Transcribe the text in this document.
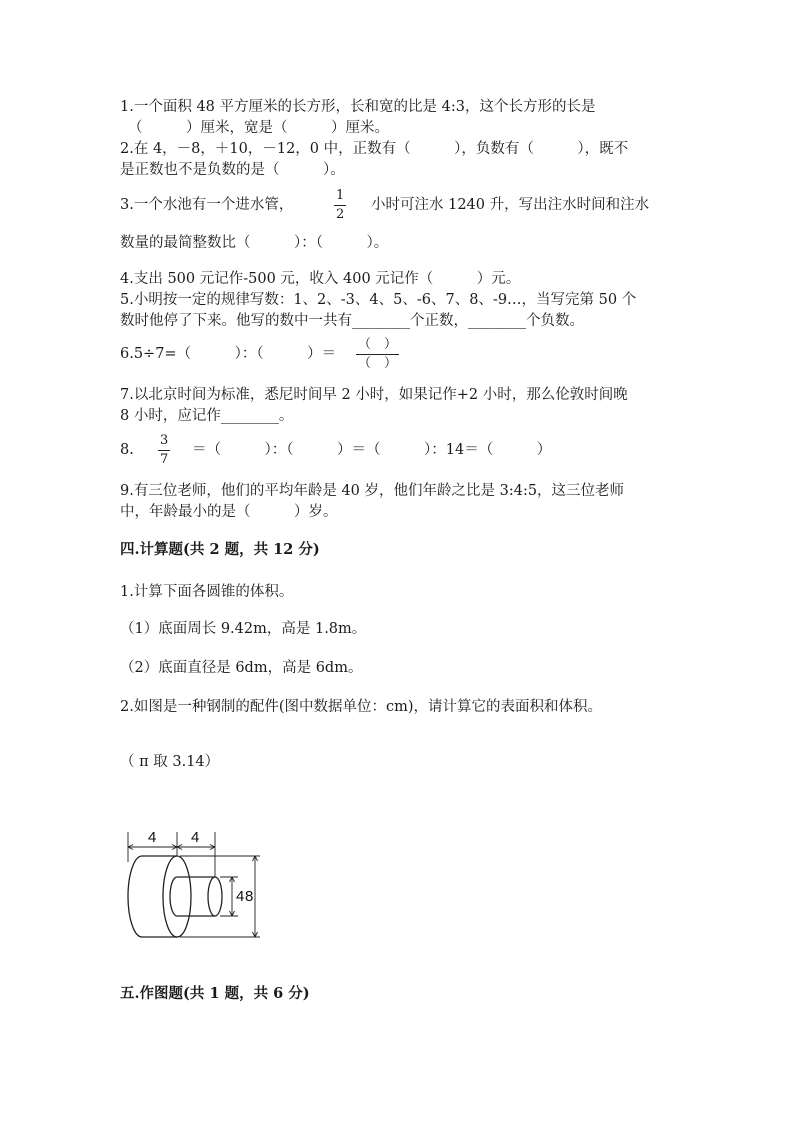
1.一个面积 48 平方厘米的长方形，长和宽的比是 4:3，这个长方形的长是
（　　　）厘米，宽是（　　　）厘米。
2.在 4，－8，＋10，－12，0 中，正数有（　　　），负数有（　　　），既不
是正数也不是负数的是（　　　）。
3.一个水池有一个进水管，
1
2
小时可注水 1240 升，写出注水时间和注水
数量的最简整数比（　　　）：（　　　）。
4.支出 500 元记作-500 元，收入 400 元记作（　　　）元。
5.小明按一定的规律写数：1、2、-3、4、5、-6、7、8、-9…，当写完第 50 个
数时他停了下来。他写的数中一共有________个正数，________个负数。
6.5÷7=（　　　）：（　　　）＝
（　）
（　）
7.以北京时间为标准，悉尼时间早 2 小时，如果记作+2 小时，那么伦敦时间晚
8 小时，应记作________。
8.
3
7
＝（　　　）：（　　　）＝（　　　）：14＝（　　　）
9.有三位老师，他们的平均年龄是 40 岁，他们年龄之比是 3:4:5，这三位老师
中，年龄最小的是（　　　）岁。
四.计算题(共 2 题，共 12 分)
1.计算下面各圆锥的体积。
（1）底面周长 9.42m，高是 1.8m。
（2）底面直径是 6dm，高是 6dm。
2.如图是一种钢制的配件(图中数据单位：cm)，请计算它的表面积和体积。
（ π 取 3.14）
4 4
4 8
五.作图题(共 1 题，共 6 分)
